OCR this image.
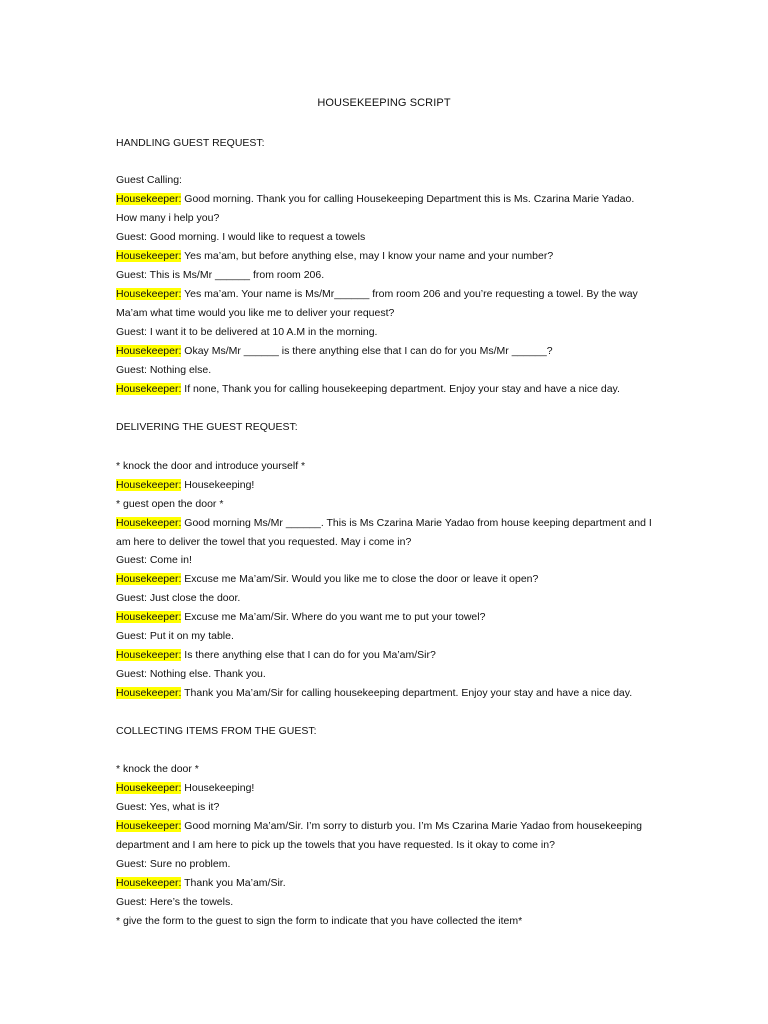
HOUSEKEEPING SCRIPT
HANDLING GUEST REQUEST:
Guest Calling:
Housekeeper: Good morning. Thank you for calling Housekeeping Department this is Ms. Czarina Marie Yadao.
How many i help you?
Guest: Good morning. I would like to request a towels
Housekeeper: Yes ma’am, but before anything else, may I know your name and your number?
Guest: This is Ms/Mr ______ from room 206.
Housekeeper: Yes ma’am. Your name is Ms/Mr______ from room 206 and you’re requesting a towel. By the way
Ma’am what time would you like me to deliver your request?
Guest: I want it to be delivered at 10 A.M in the morning.
Housekeeper: Okay Ms/Mr ______ is there anything else that I can do for you Ms/Mr ______?
Guest: Nothing else.
Housekeeper: If none, Thank you for calling housekeeping department. Enjoy your stay and have a nice day.
DELIVERING THE GUEST REQUEST:
* knock the door and introduce yourself *
Housekeeper: Housekeeping!
* guest open the door *
Housekeeper: Good morning Ms/Mr ______. This is Ms Czarina Marie Yadao from house keeping department and I
am here to deliver the towel that you requested. May i come in?
Guest: Come in!
Housekeeper: Excuse me Ma’am/Sir. Would you like me to close the door or leave it open?
Guest: Just close the door.
Housekeeper: Excuse me Ma’am/Sir. Where do you want me to put your towel?
Guest: Put it on my table.
Housekeeper: Is there anything else that I can do for you Ma’am/Sir?
Guest: Nothing else. Thank you.
Housekeeper: Thank you Ma’am/Sir for calling housekeeping department. Enjoy your stay and have a nice day.
COLLECTING ITEMS FROM THE GUEST:
* knock the door *
Housekeeper: Housekeeping!
Guest: Yes, what is it?
Housekeeper: Good morning Ma’am/Sir. I’m sorry to disturb you. I’m Ms Czarina Marie Yadao from housekeeping
department and I am here to pick up the towels that you have requested. Is it okay to come in?
Guest: Sure no problem.
Housekeeper: Thank you Ma’am/Sir.
Guest: Here’s the towels.
* give the form to the guest to sign the form to indicate that you have collected the item*
